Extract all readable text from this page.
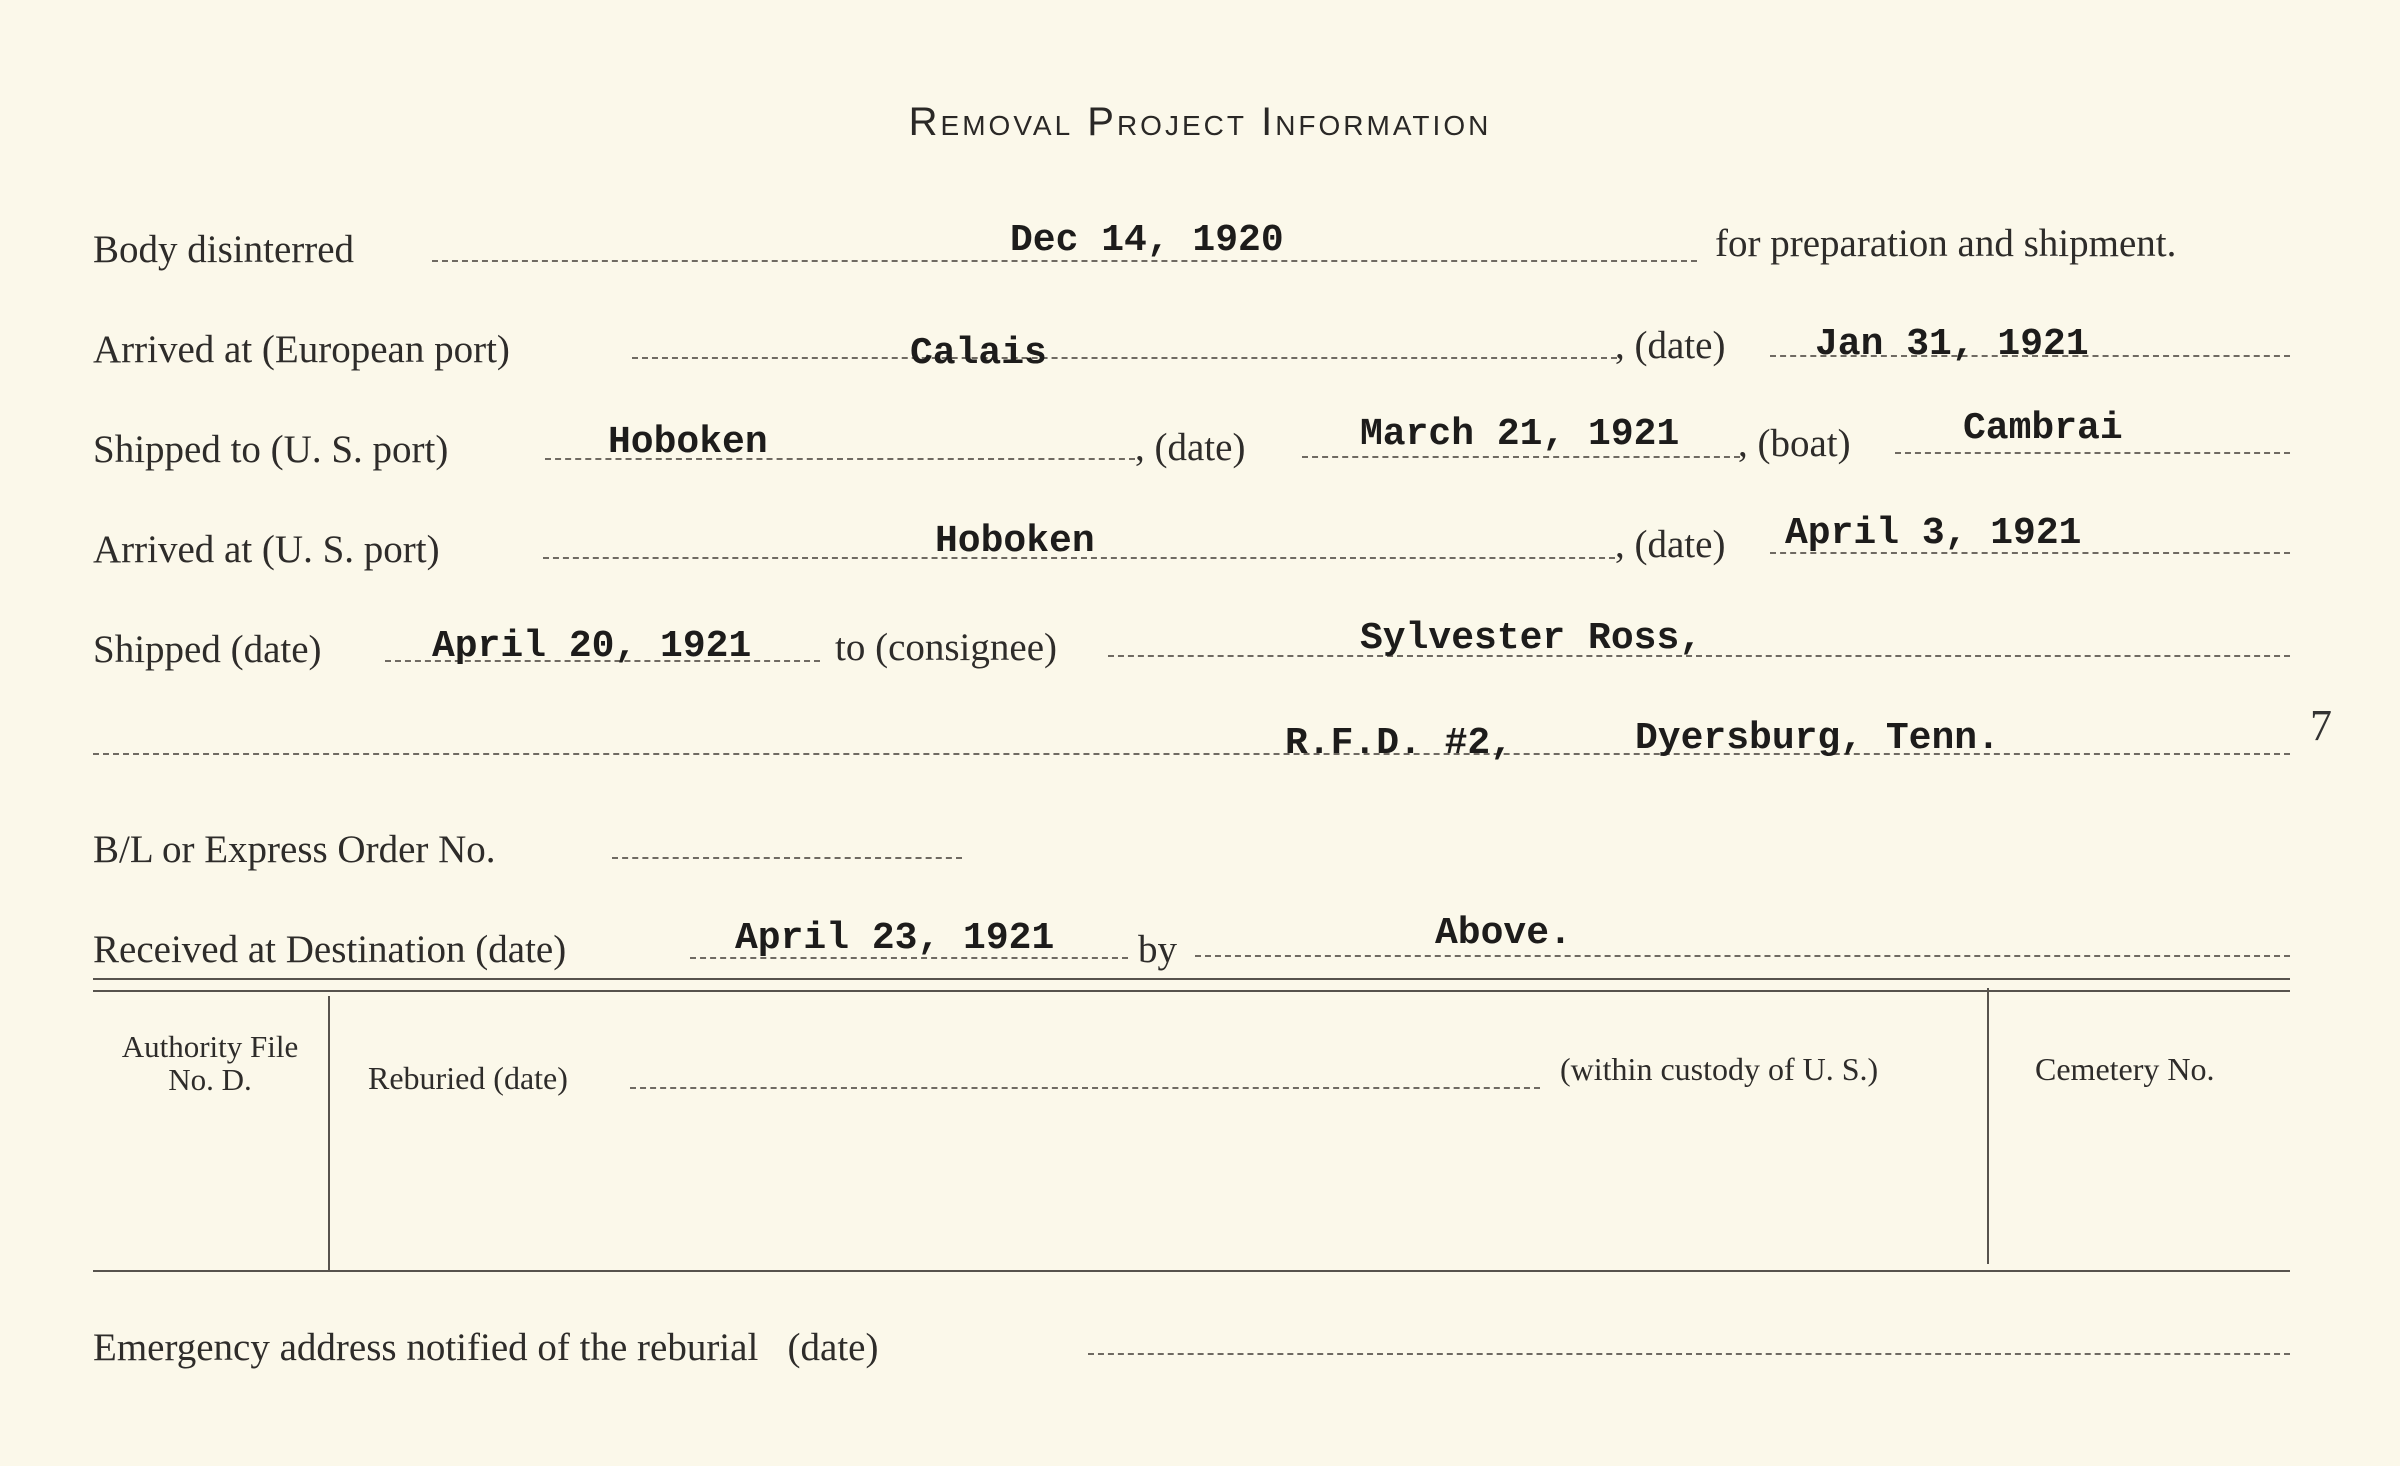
Removal Project Information
Body disinterred	Dec 14, 1920	for preparation and shipment.
Arrived at (European port)	Calais	, (date) Jan 31, 1921
Shipped to (U. S. port)	Hoboken	, (date)	March 21, 1921 , (boat)	Cambrai
Arrived at (U. S. port)	Hoboken	, (date) April 3, 1921
Shipped (date)	April 20, 1921 to (consignee)	Sylvester Ross,
R.F.D. #2,	Dyersburg, Tenn.	7
B/L or Express Order No.
Received at Destination (date)	April 23, 1921 by	Above.
Authority File No. D.	Reburied (date)	(within custody of U. S.)	Cemetery No.
Emergency address notified of the reburial   (date)
